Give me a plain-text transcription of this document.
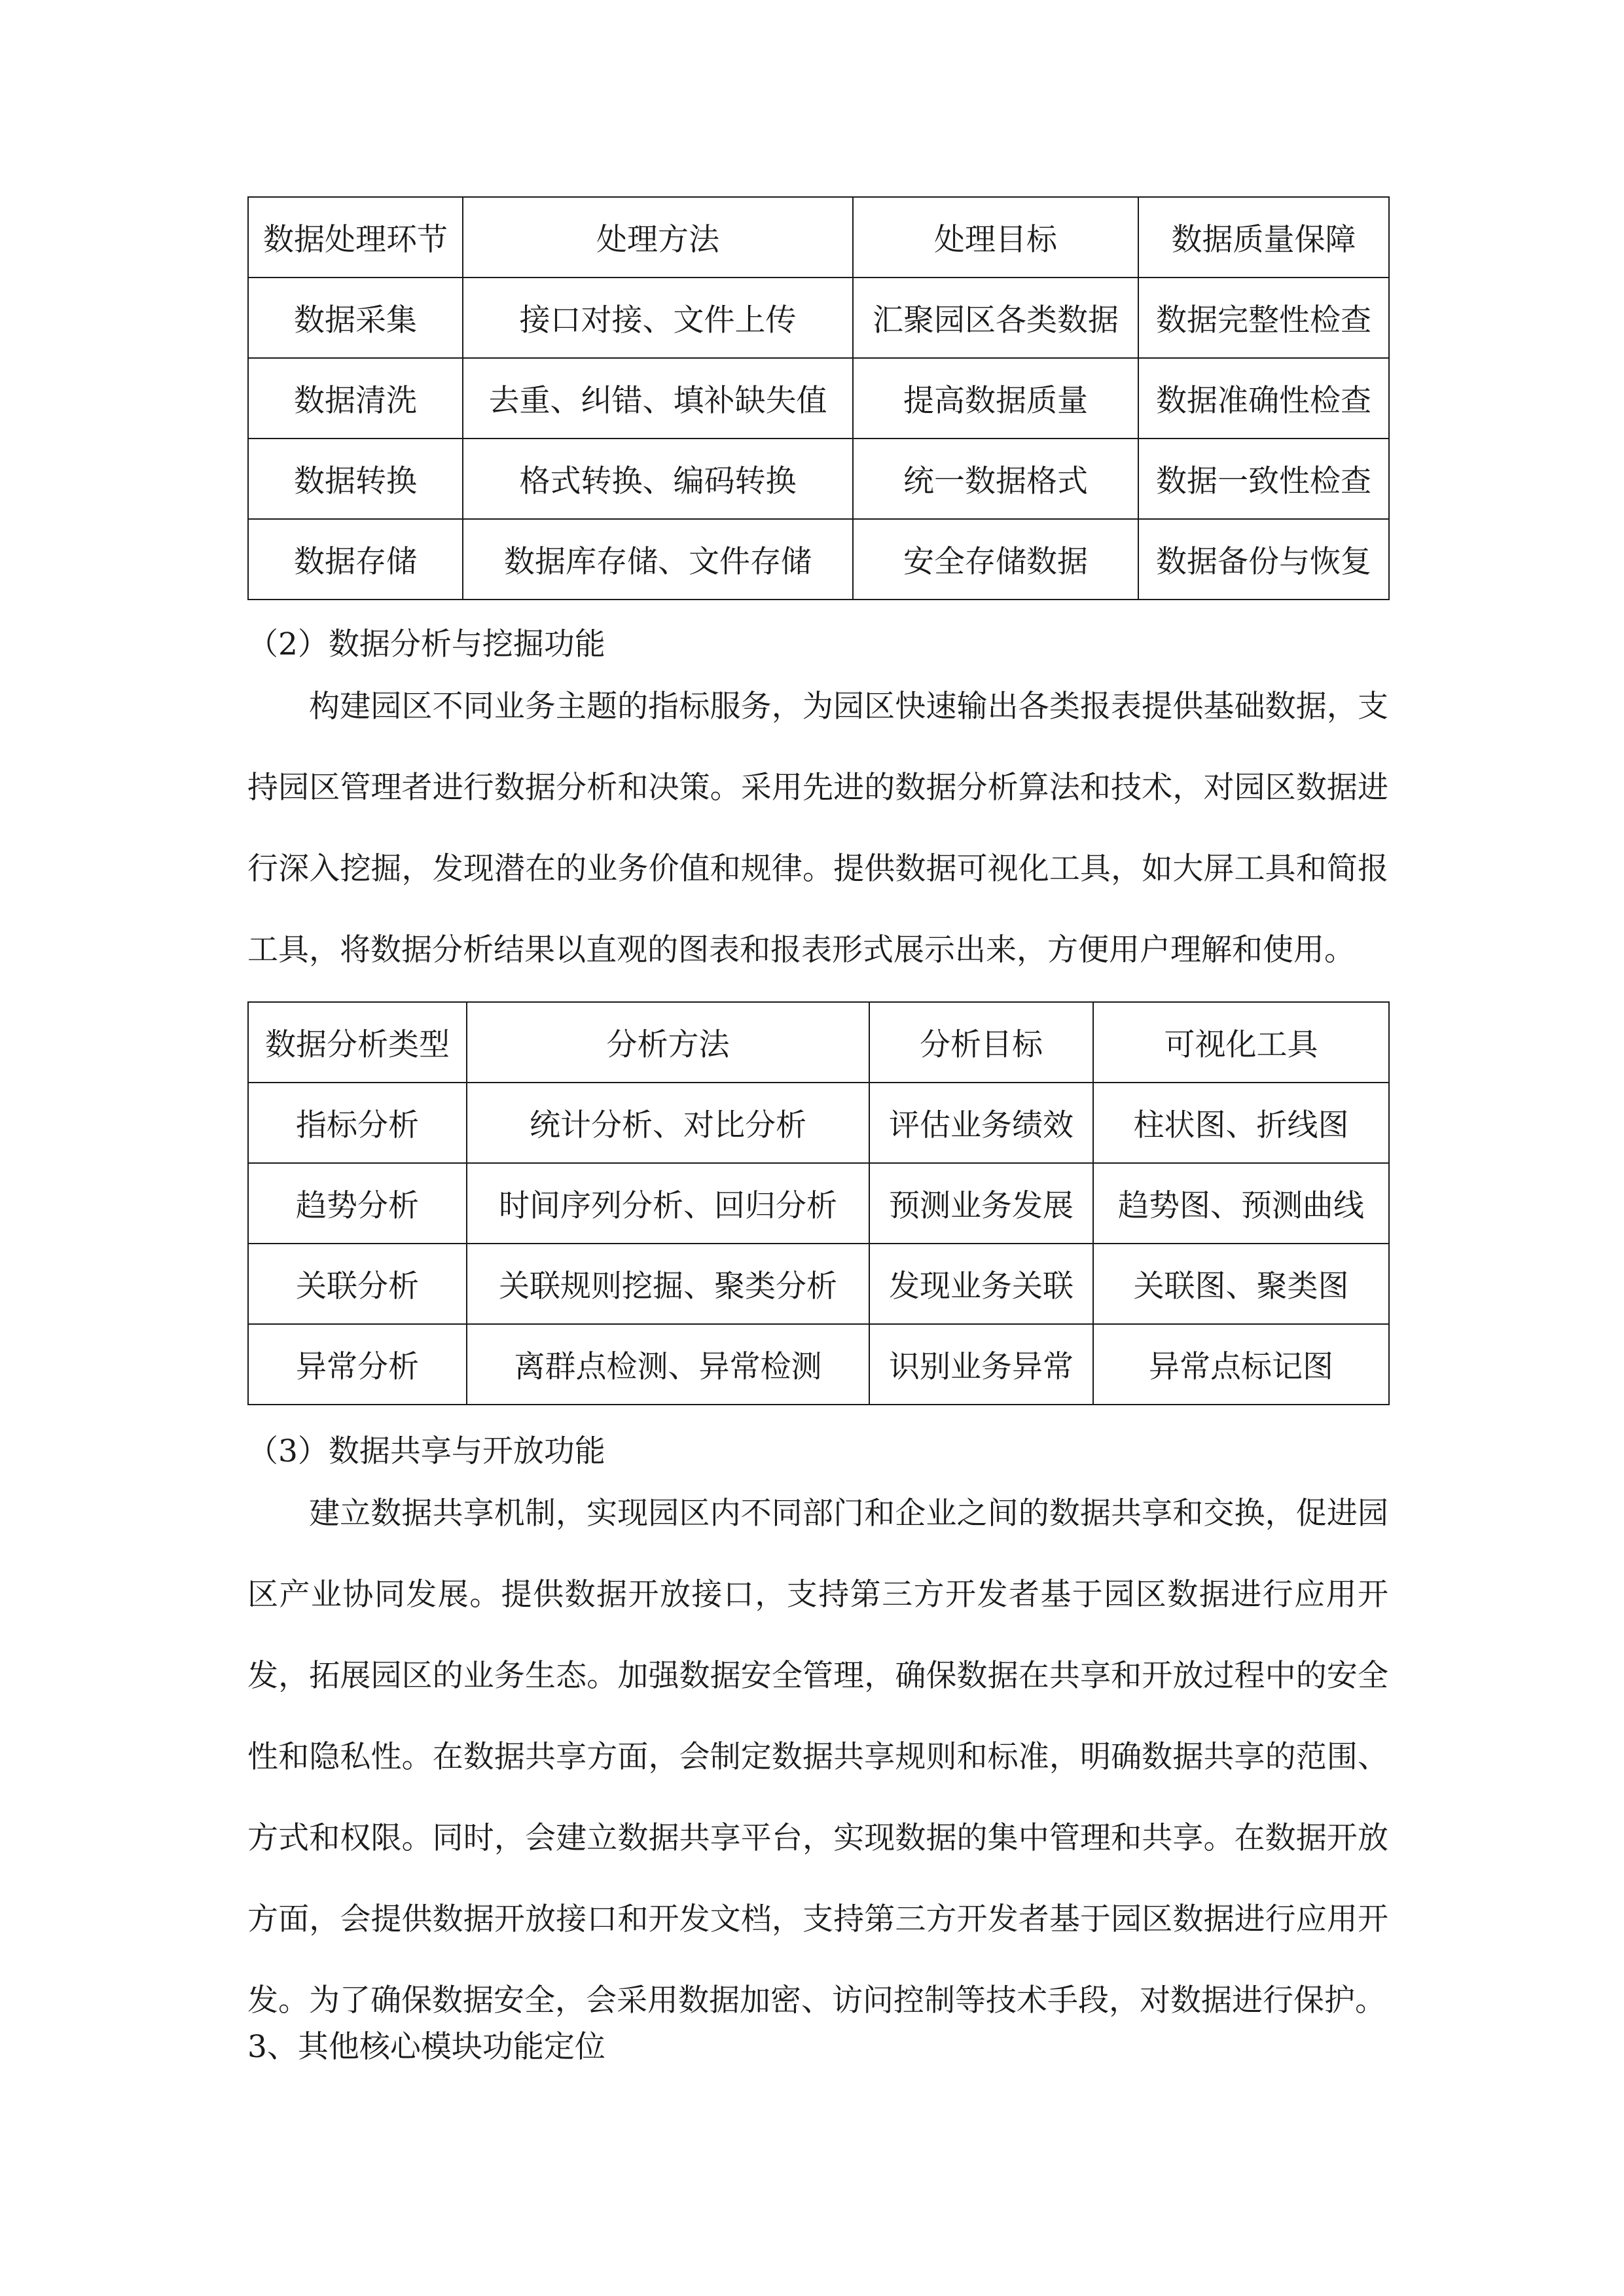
数据处理环节	处理方法	处理目标	数据质量保障
数据采集	接口对接、文件上传	汇聚园区各类数据	数据完整性检查
数据清洗	去重、纠错、填补缺失值	提高数据质量	数据准确性检查
数据转换	格式转换、编码转换	统一数据格式	数据一致性检查
数据存储	数据库存储、文件存储	安全存储数据	数据备份与恢复
（2）数据分析与挖掘功能

构建园区不同业务主题的指标服务，为园区快速输出各类报表提供基础数据，支持园区管理者进行数据分析和决策。采用先进的数据分析算法和技术，对园区数据进行深入挖掘，发现潜在的业务价值和规律。提供数据可视化工具，如大屏工具和简报工具，将数据分析结果以直观的图表和报表形式展示出来，方便用户理解和使用。

数据分析类型	分析方法	分析目标	可视化工具
指标分析	统计分析、对比分析	评估业务绩效	柱状图、折线图
趋势分析	时间序列分析、回归分析	预测业务发展	趋势图、预测曲线
关联分析	关联规则挖掘、聚类分析	发现业务关联	关联图、聚类图
异常分析	离群点检测、异常检测	识别业务异常	异常点标记图
（3）数据共享与开放功能

建立数据共享机制，实现园区内不同部门和企业之间的数据共享和交换，促进园区产业协同发展。提供数据开放接口，支持第三方开发者基于园区数据进行应用开发，拓展园区的业务生态。加强数据安全管理，确保数据在共享和开放过程中的安全性和隐私性。在数据共享方面，会制定数据共享规则和标准，明确数据共享的范围、方式和权限。同时，会建立数据共享平台，实现数据的集中管理和共享。在数据开放方面，会提供数据开放接口和开发文档，支持第三方开发者基于园区数据进行应用开发。为了确保数据安全，会采用数据加密、访问控制等技术手段，对数据进行保护。

3、其他核心模块功能定位
